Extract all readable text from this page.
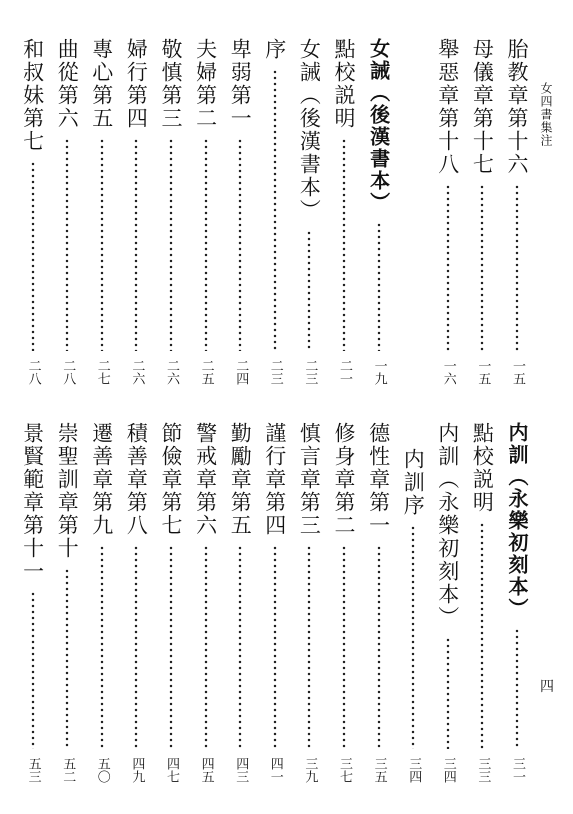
女四書集注
四
胎教章第十六
一五
母儀章第十七
一五
舉惡章第十八
一六
女誡（後漢書本）
一九
點校説明
二一
女誡（後漢書本）
二三
序
二三
卑弱第一
二四
夫婦第二
二五
敬慎第三
二六
婦行第四
二六
專心第五
二七
曲從第六
二八
和叔妹第七
二八
内訓（永樂初刻本）
三一
點校説明
三三
内訓（永樂初刻本）
三四
内訓序
三四
德性章第一
三五
修身章第二
三七
慎言章第三
三九
謹行章第四
四一
勤勵章第五
四三
警戒章第六
四五
節儉章第七
四七
積善章第八
四九
遷善章第九
五〇
崇聖訓章第十
五二
景賢範章第十一
五三
